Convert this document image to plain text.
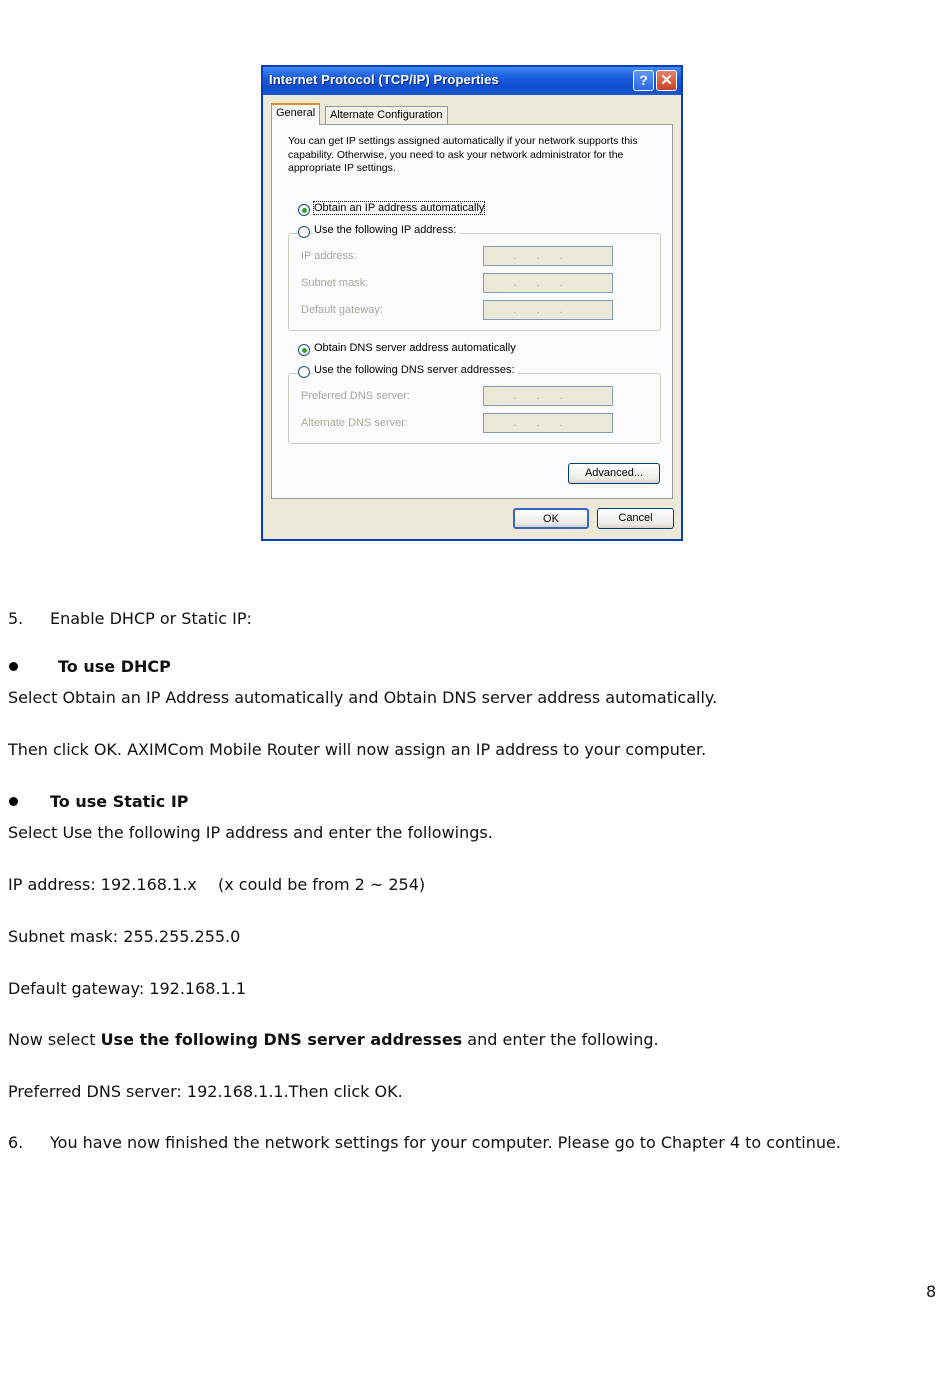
Internet Protocol (TCP/IP) Properties	? ✕
General	Alternate Configuration
You can get IP settings assigned automatically if your network supports this capability. Otherwise, you need to ask your network administrator for the appropriate IP settings.
Obtain an IP address automatically
Use the following IP address:
IP address:	...
Subnet mask:	...
Default gateway:	...
Obtain DNS server address automatically
Use the following DNS server addresses:
Preferred DNS server:	...
Alternate DNS server:	...
Advanced...
OK	Cancel
5. Enable DHCP or Static IP:
To use DHCP
Select Obtain an IP Address automatically and Obtain DNS server address automatically.
Then click OK. AXIMCom Mobile Router will now assign an IP address to your computer.
To use Static IP
Select Use the following IP address and enter the followings.
IP address: 192.168.1.x (x could be from 2 ~ 254)
Subnet mask: 255.255.255.0
Default gateway: 192.168.1.1
Now select Use the following DNS server addresses and enter the following.
Preferred DNS server: 192.168.1.1.Then click OK.
6. You have now finished the network settings for your computer. Please go to Chapter 4 to continue.
8
